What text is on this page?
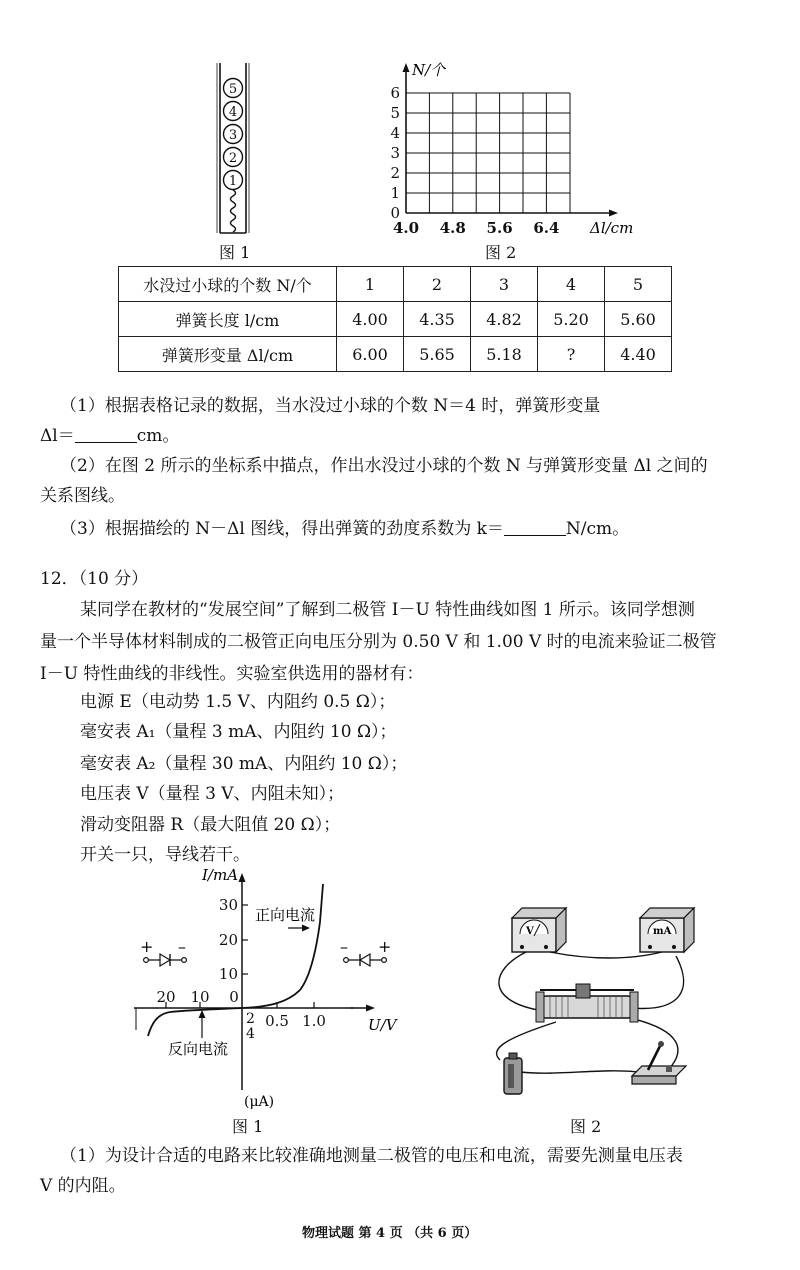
5
4
3
2
1
图 1
N/个
Δl/cm
6
5
4
3
2
1
0
4.0 4.8 5.6 6.4
图 2
水没过小球的个数 N/个	1	2	3	4	5
弹簧长度 l/cm	4.00	4.35	4.82	5.20	5.60
弹簧形变量 Δl/cm	6.00	5.65	5.18	?	4.40
（1）根据表格记录的数据，当水没过小球的个数 N＝4 时，弹簧形变量
Δl＝	cm。
（2）在图 2 所示的坐标系中描点，作出水没过小球的个数 N 与弹簧形变量 Δl 之间的
关系图线。
（3）根据描绘的 N－Δl 图线，得出弹簧的劲度系数为 k＝	N/cm。
12．（10 分）
某同学在教材的“发展空间”了解到二极管 I－U 特性曲线如图 1 所示。该同学想测
量一个半导体材料制成的二极管正向电压分别为 0.50 V 和 1.00 V 时的电流来验证二极管
I－U 特性曲线的非线性。实验室供选用的器材有：
电源 E（电动势 1.5 V、内阻约 0.5 Ω）；
毫安表 A₁（量程 3 mA、内阻约 10 Ω）；
毫安表 A₂（量程 30 mA、内阻约 10 Ω）；
电压表 V（量程 3 V、内阻未知）；
滑动变阻器 R（最大阻值 20 Ω）；
开关一只，导线若干。
I/mA
U/V
30
20
10
20 10 0
0.5 1.0
2
4
(μA)
正向电流
反向电流
+ –	– +
图 1
V	mA
图 2
（1）为设计合适的电路来比较准确地测量二极管的电压和电流，需要先测量电压表
V 的内阻。
物理试题 第 4 页 （共 6 页）
